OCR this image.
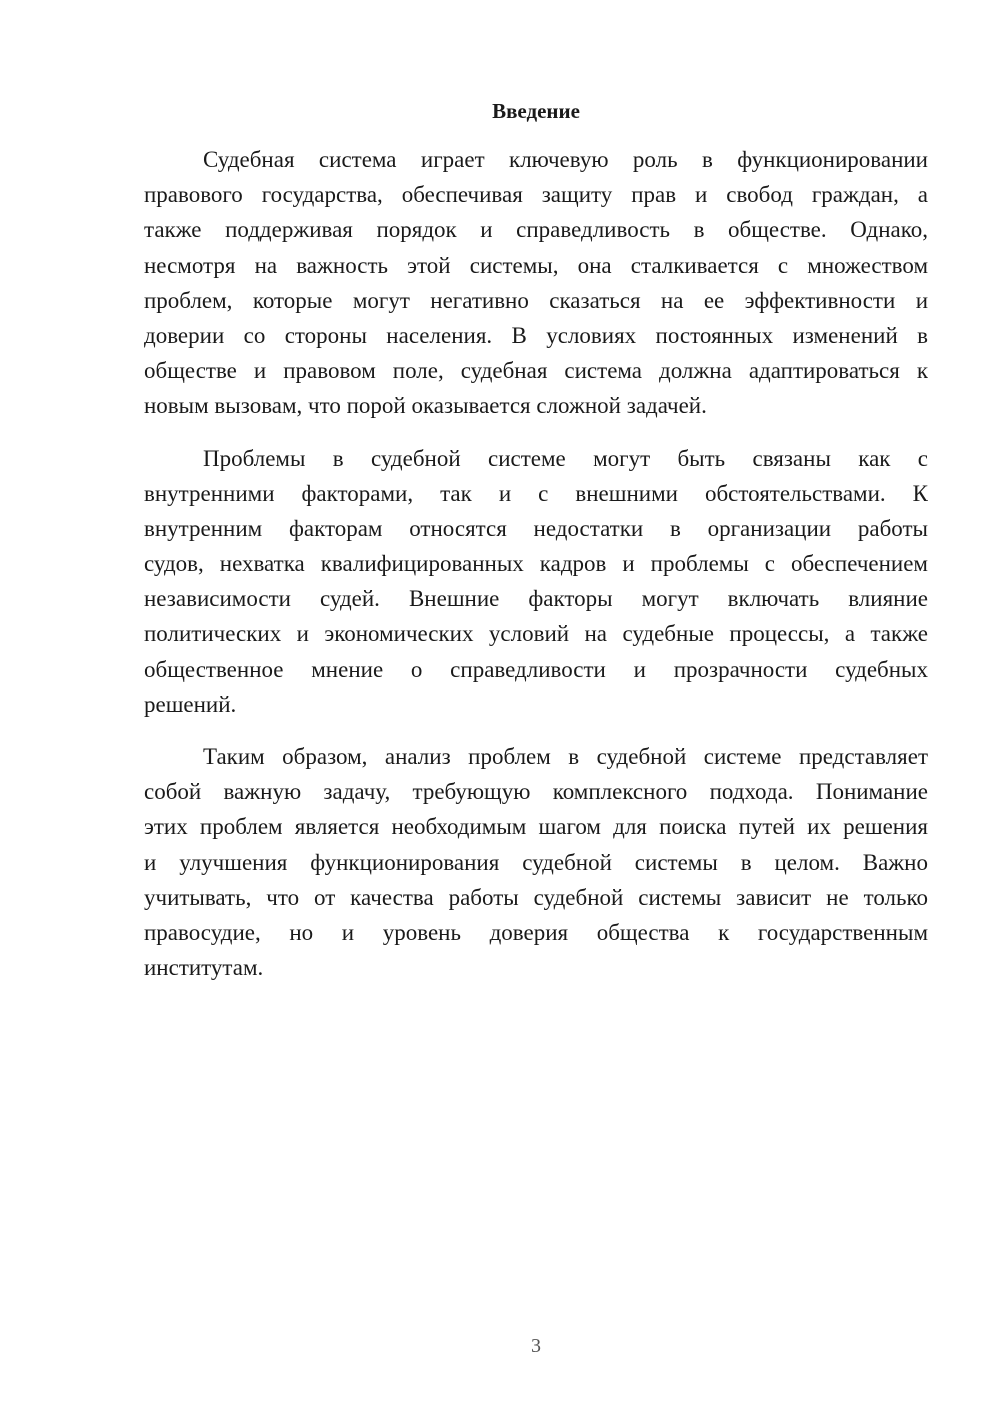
Введение

Судебная система играет ключевую роль в функционировании
правового государства, обеспечивая защиту прав и свобод граждан, а
также поддерживая порядок и справедливость в обществе. Однако,
несмотря на важность этой системы, она сталкивается с множеством
проблем, которые могут негативно сказаться на ее эффективности и
доверии со стороны населения. В условиях постоянных изменений в
обществе и правовом поле, судебная система должна адаптироваться к
новым вызовам, что порой оказывается сложной задачей.

Проблемы в судебной системе могут быть связаны как с
внутренними факторами, так и с внешними обстоятельствами. К
внутренним факторам относятся недостатки в организации работы
судов, нехватка квалифицированных кадров и проблемы с обеспечением
независимости судей. Внешние факторы могут включать влияние
политических и экономических условий на судебные процессы, а также
общественное мнение о справедливости и прозрачности судебных
решений.

Таким образом, анализ проблем в судебной системе представляет
собой важную задачу, требующую комплексного подхода. Понимание
этих проблем является необходимым шагом для поиска путей их решения
и улучшения функционирования судебной системы в целом. Важно
учитывать, что от качества работы судебной системы зависит не только
правосудие, но и уровень доверия общества к государственным
институтам.

3
